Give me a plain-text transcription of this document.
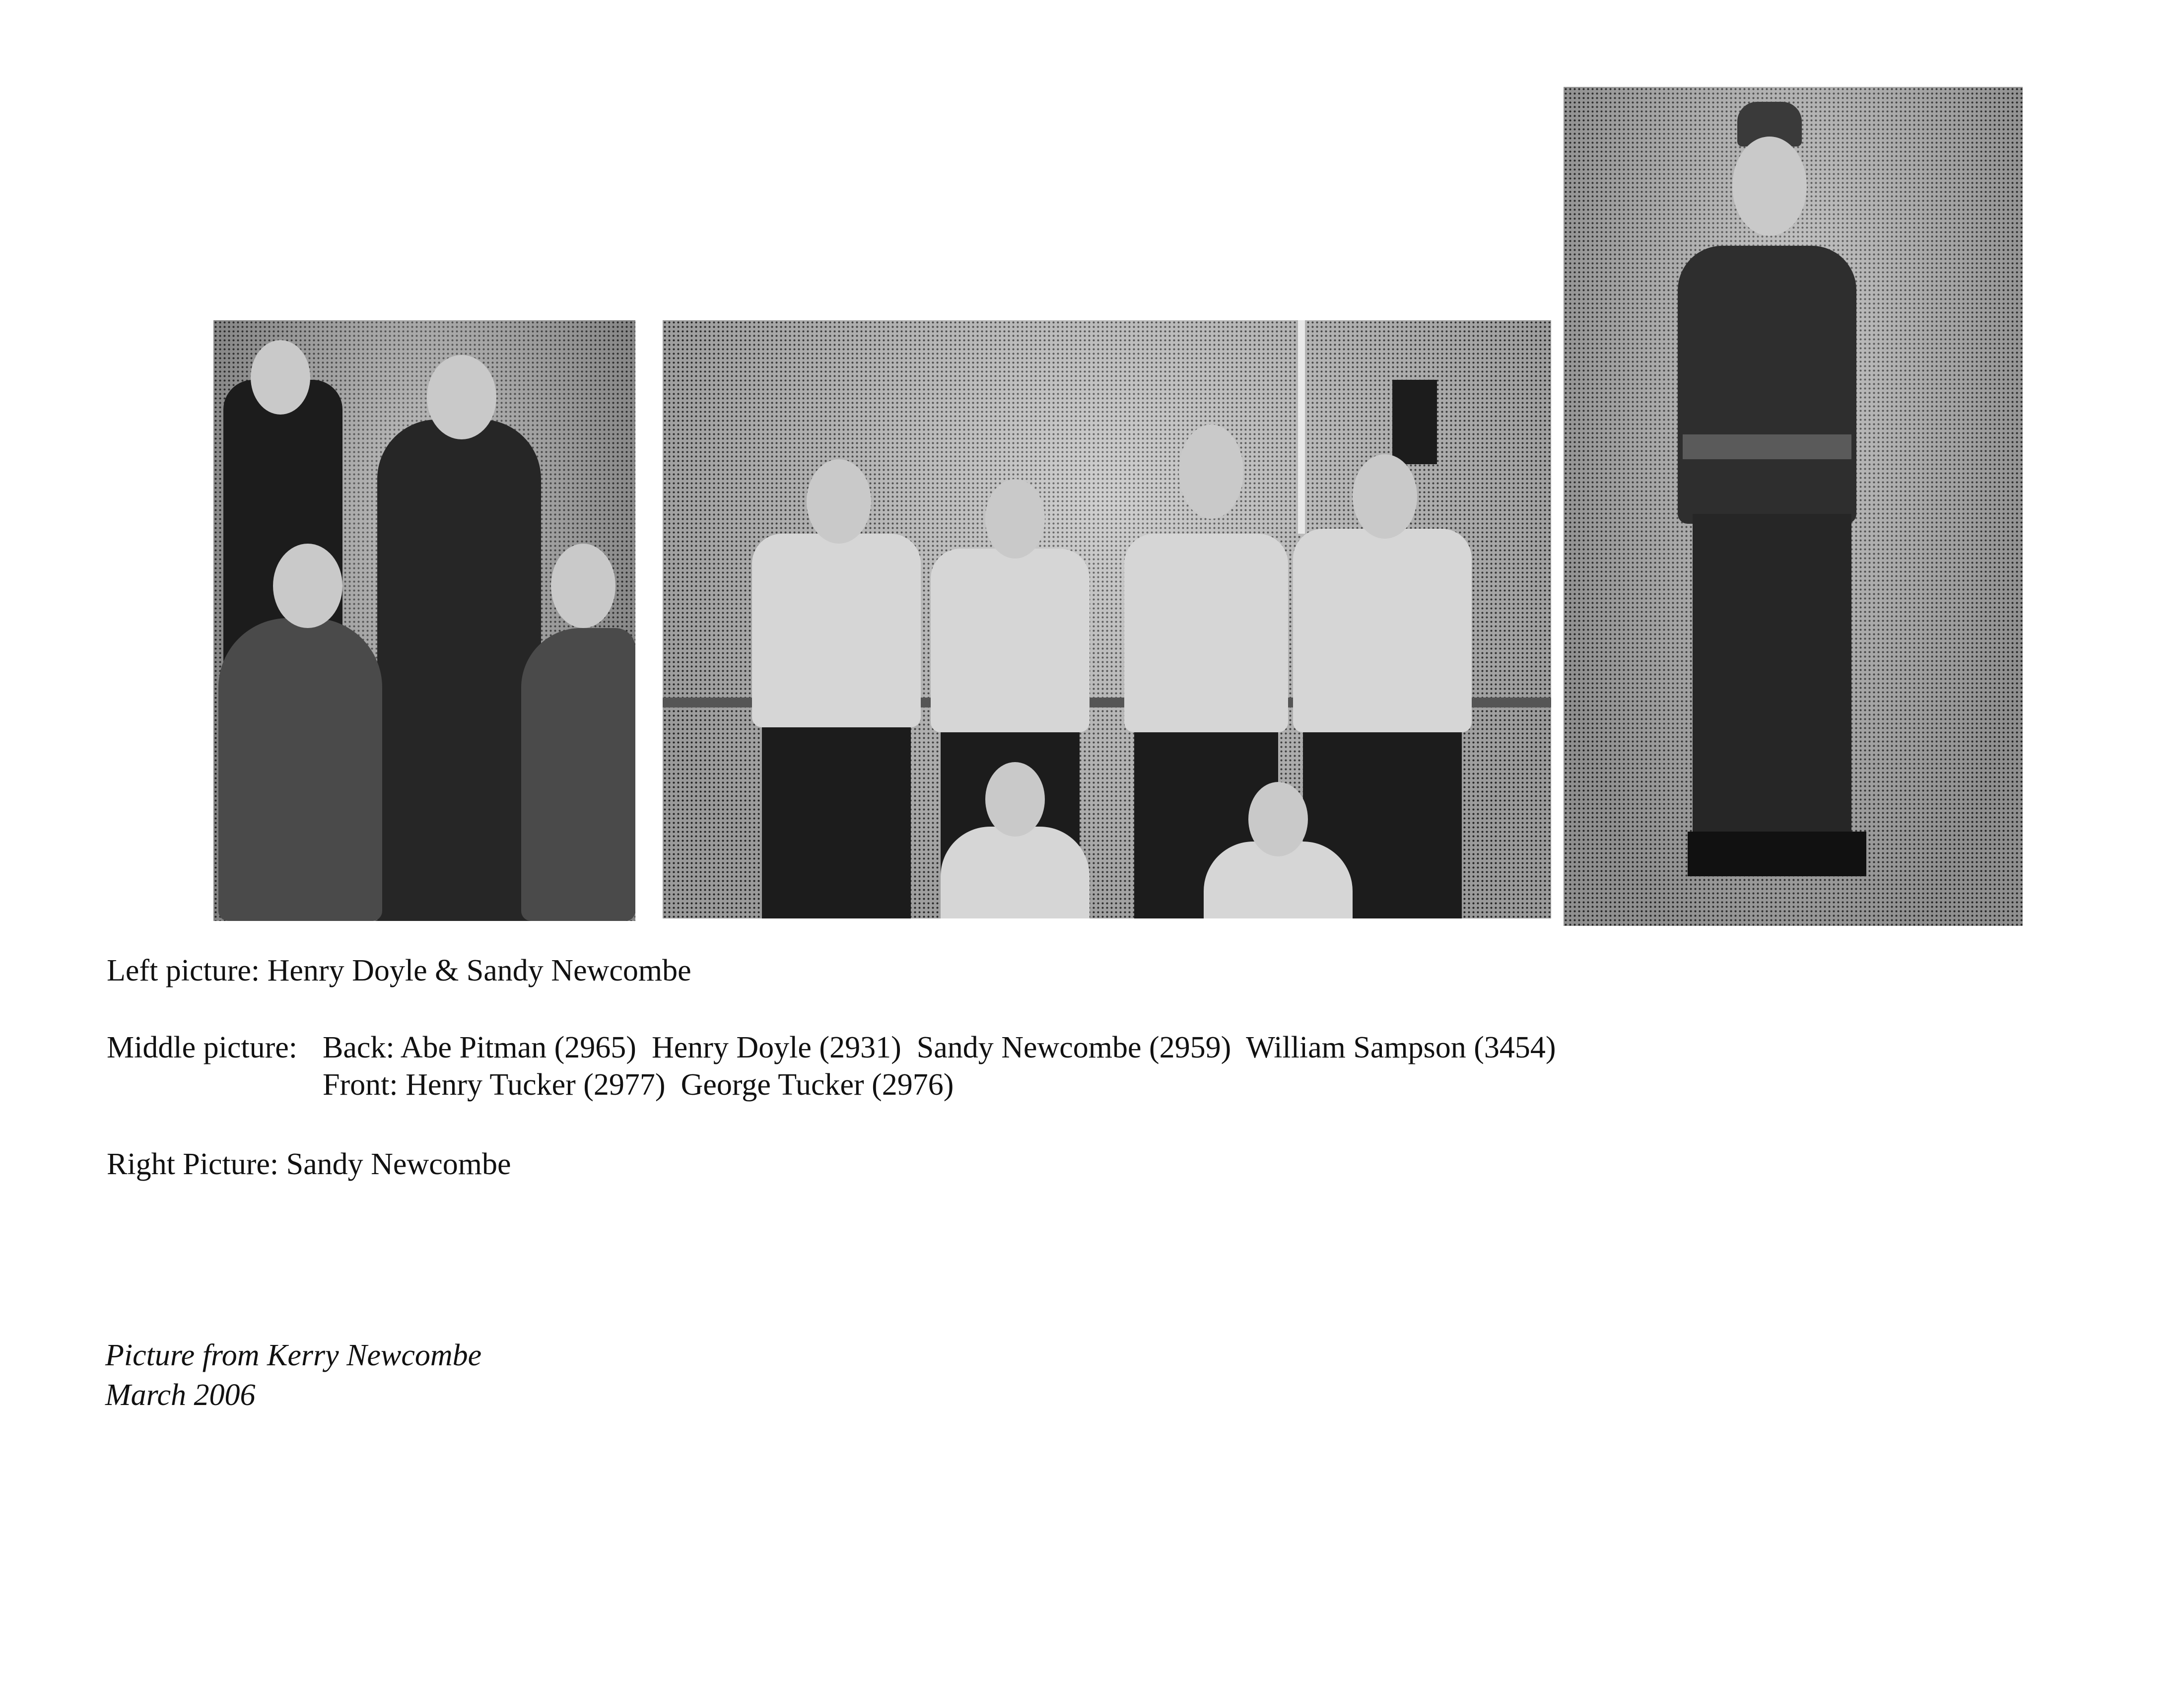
Left picture: Henry Doyle & Sandy Newcombe
Middle picture: Back: Abe Pitman (2965)  Henry Doyle (2931)  Sandy Newcombe (2959)  William Sampson (3454)
Front: Henry Tucker (2977)  George Tucker (2976)
Right Picture: Sandy Newcombe
Picture from Kerry Newcombe
March 2006
